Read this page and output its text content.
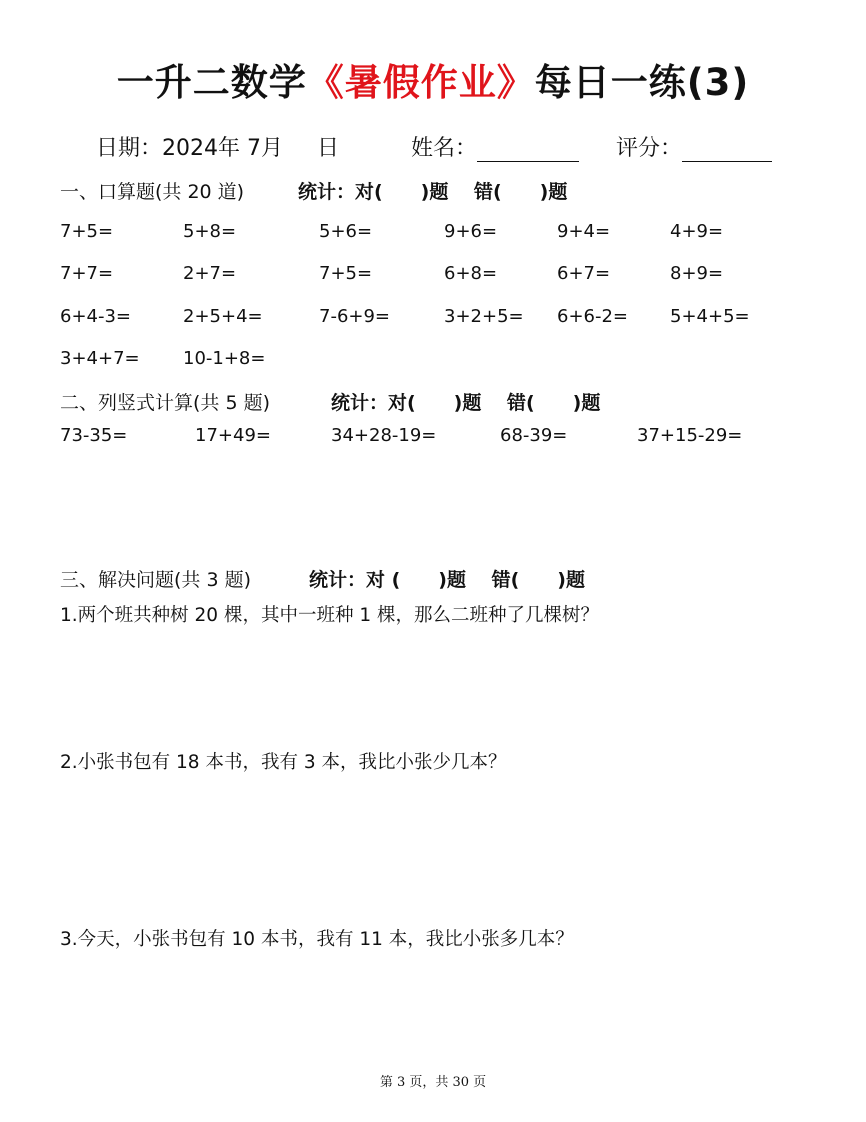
一升二数学《暑假作业》每日一练(3)
日期：2024年 7月 日	姓名：	评分：
一、口算题(共 20 道)	统计：对(　　)题　 错(　　)题
7+5=	5+8=	5+6=	9+6=	9+4=	4+9=
7+7=	2+7=	7+5=	6+8=	6+7=	8+9=
6+4-3=	2+5+4=	7-6+9=	3+2+5= 6+6-2= 5+4+5=
3+4+7= 10-1+8=
二、列竖式计算(共 5 题)	统计：对(　　)题　 错(　　)题
73-35=	17+49=	34+28-19=	68-39=	37+15-29=
三、解决问题(共 3 题)	统计：对 (　　)题　 错(　　)题
1.两个班共种树 20 棵，其中一班种 1 棵，那么二班种了几棵树？
2.小张书包有 18 本书，我有 3 本，我比小张少几本？
3.今天，小张书包有 10 本书，我有 11 本，我比小张多几本？
第 3 页，共 30 页
